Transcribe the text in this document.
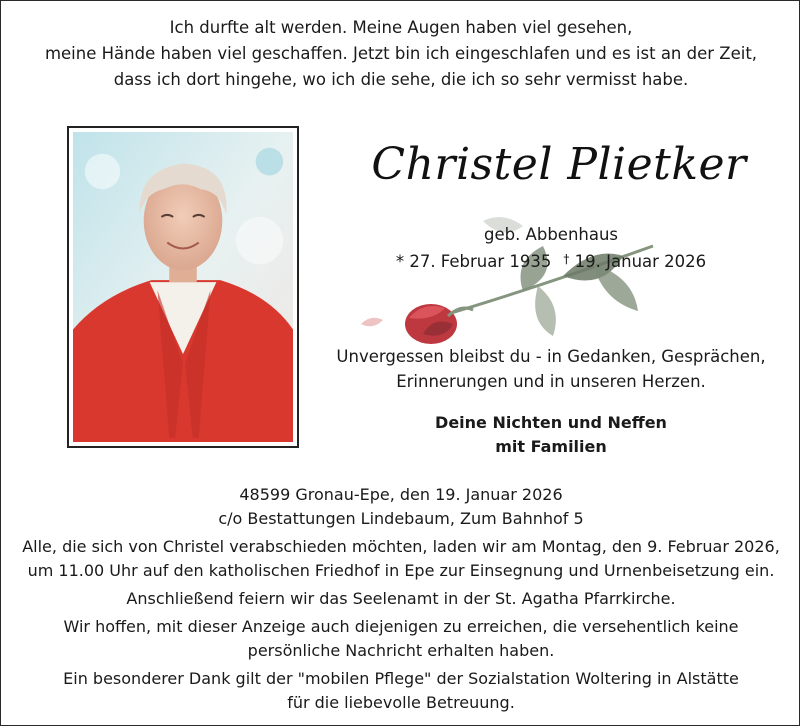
Ich durfte alt werden. Meine Augen haben viel gesehen,
meine Hände haben viel geschaffen. Jetzt bin ich eingeschlafen und es ist an der Zeit,
dass ich dort hingehe, wo ich die sehe, die ich so sehr vermisst habe.
Christel Plietker
geb. Abbenhaus
* 27. Februar 1935 † 19. Januar 2026
Unvergessen bleibst du - in Gedanken, Gesprächen,
Erinnerungen und in unseren Herzen.
Deine Nichten und Neffen
mit Familien
48599 Gronau-Epe, den 19. Januar 2026
c/o Bestattungen Lindebaum, Zum Bahnhof 5
Alle, die sich von Christel verabschieden möchten, laden wir am Montag, den 9. Februar 2026,
um 11.00 Uhr auf den katholischen Friedhof in Epe zur Einsegnung und Urnenbeisetzung ein.
Anschließend feiern wir das Seelenamt in der St. Agatha Pfarrkirche.
Wir hoffen, mit dieser Anzeige auch diejenigen zu erreichen, die versehentlich keine
persönliche Nachricht erhalten haben.
Ein besonderer Dank gilt der "mobilen Pflege" der Sozialstation Woltering in Alstätte
für die liebevolle Betreuung.
